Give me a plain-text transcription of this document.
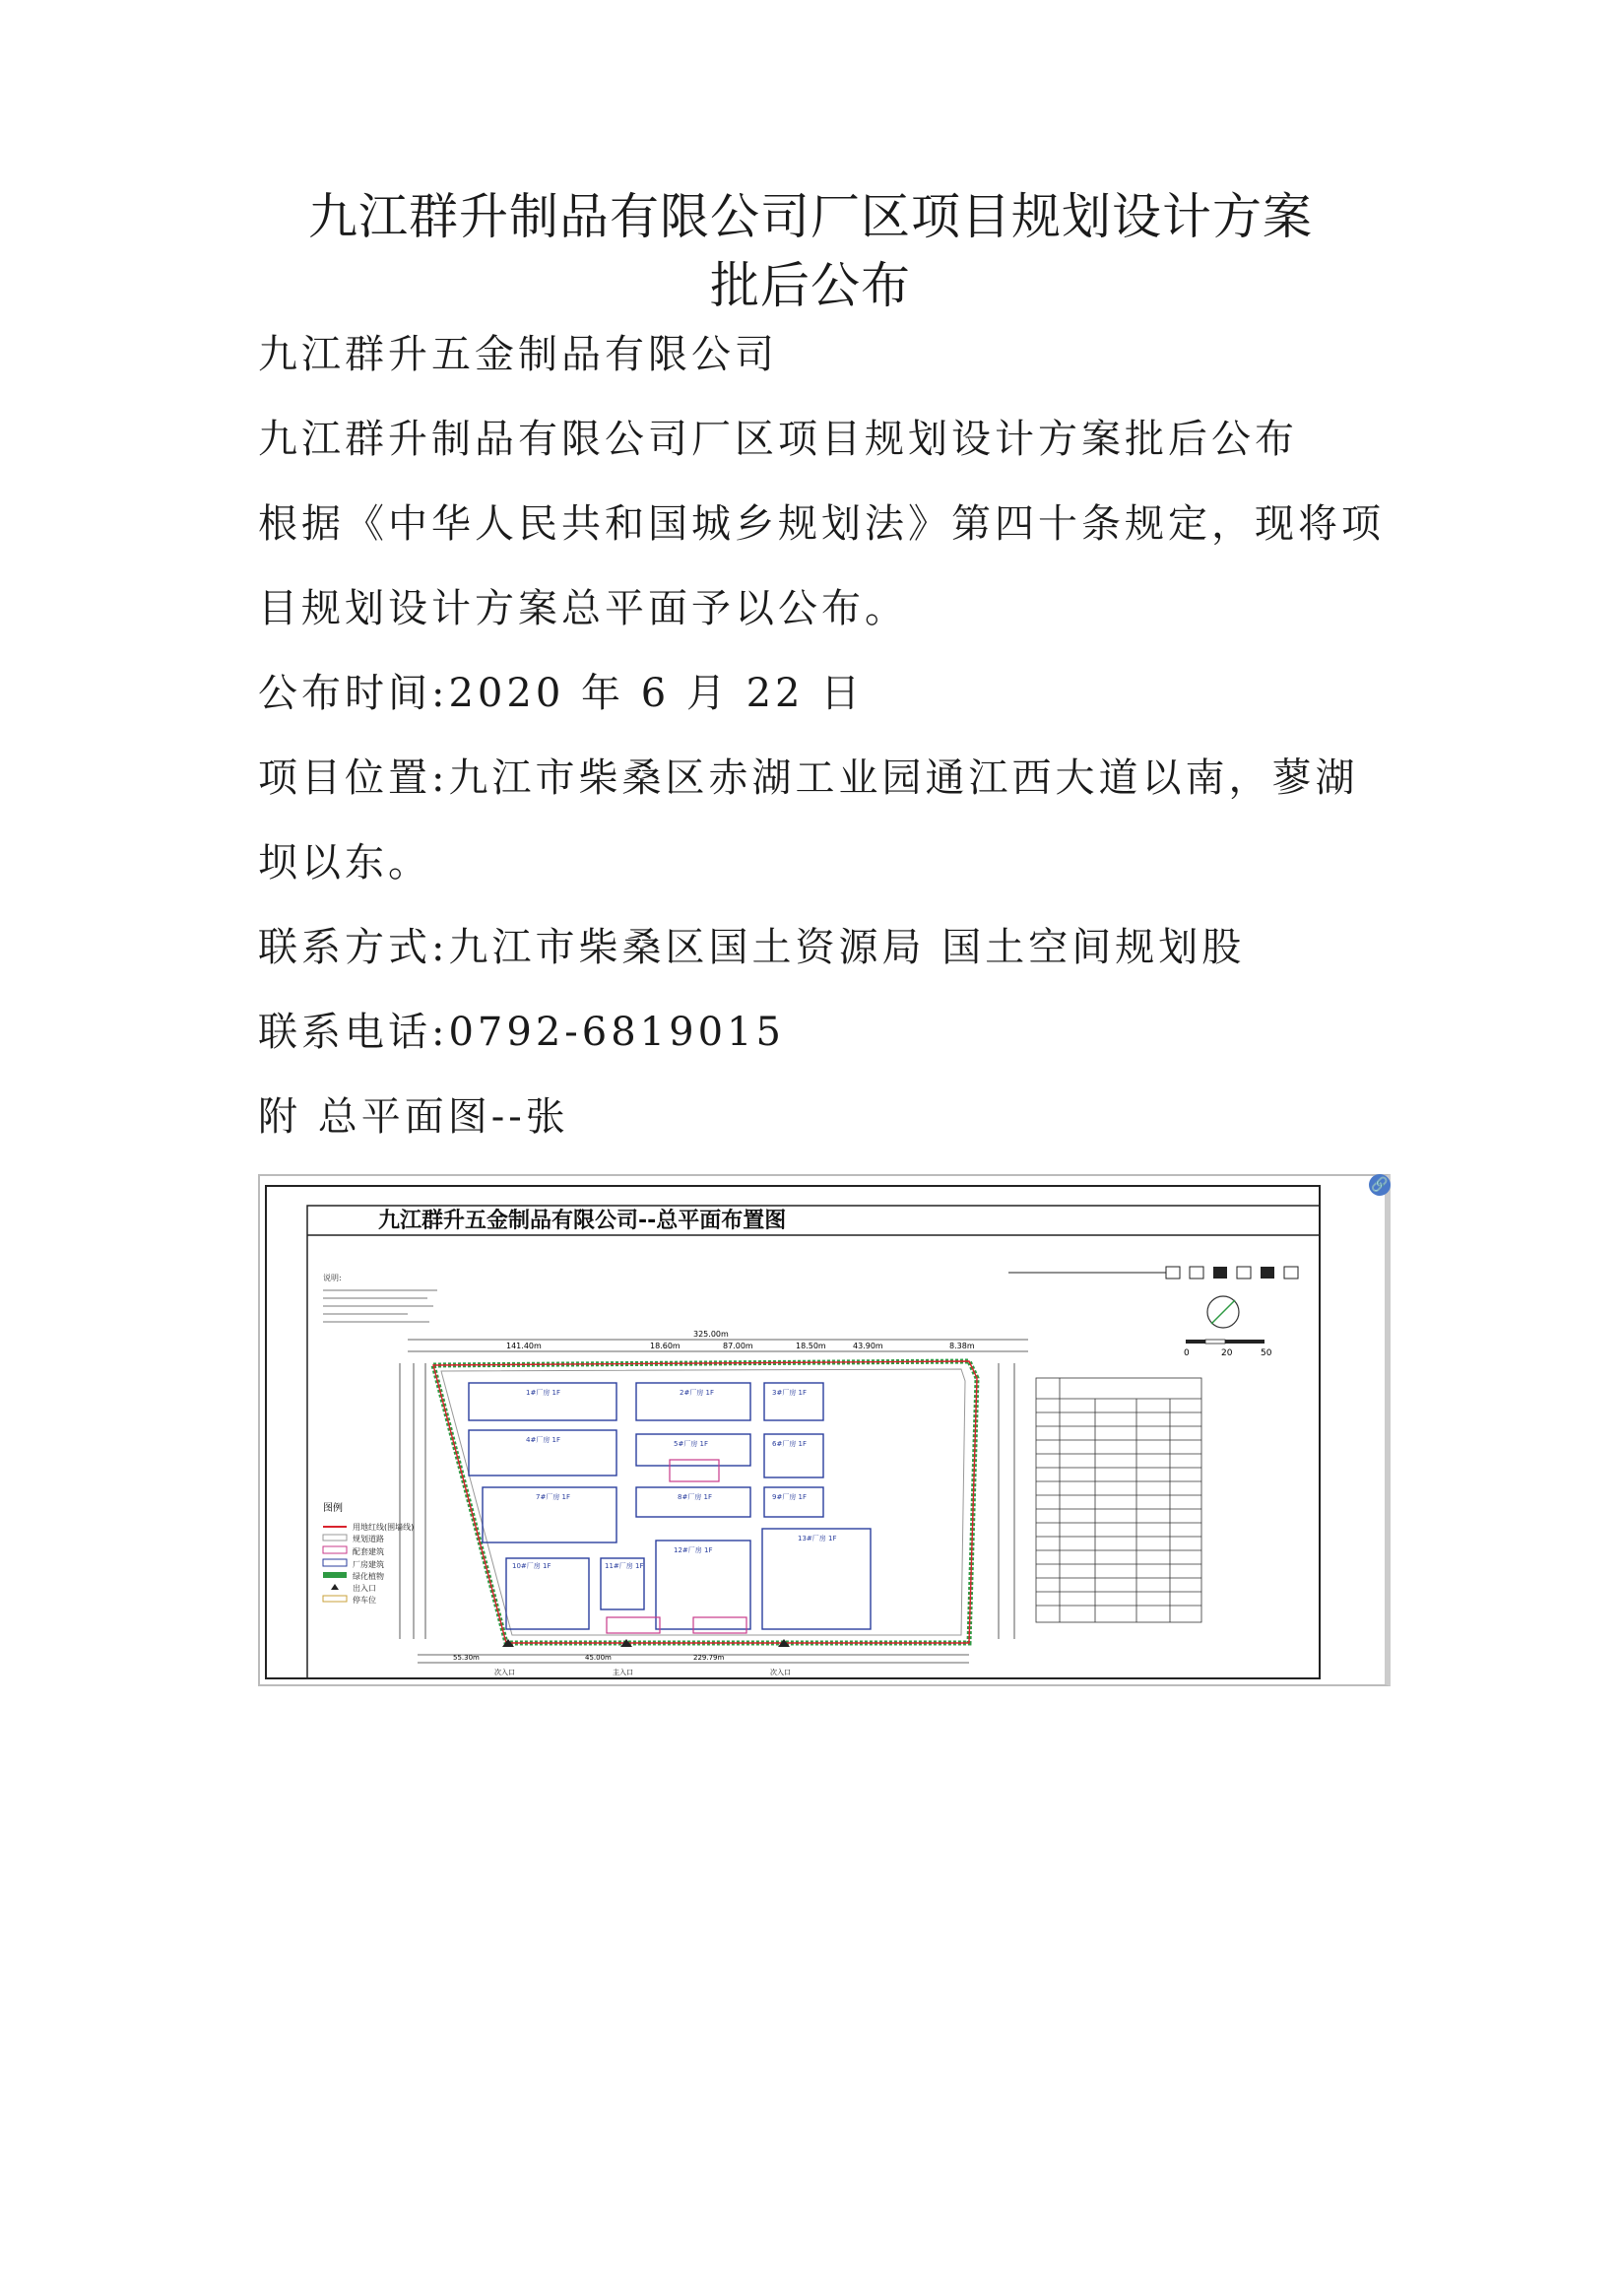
九江群升制品有限公司厂区项目规划设计方案
批后公布
九江群升五金制品有限公司
九江群升制品有限公司厂区项目规划设计方案批后公布
根据《中华人民共和国城乡规划法》第四十条规定，现将项
目规划设计方案总平面予以公布。
公布时间:2020 年 6 月 22 日
项目位置:九江市柴桑区赤湖工业园通江西大道以南，蓼湖
坝以东。
联系方式:九江市柴桑区国土资源局 国土空间规划股
联系电话:0792-6819015
附 总平面图--张
九江群升五金制品有限公司--总平面布置图
0	20	50
说明:
325.00m
141.40m	18.60m	87.00m	18.50m	43.90m	8.38m
1#厂房 1F	2#厂房 1F	3#厂房 1F
4#厂房 1F	5#厂房 1F	6#厂房 1F
7#厂房 1F	8#厂房 1F	9#厂房 1F
10#厂房 1F	11#厂房 1F
12#厂房 1F
13#厂房 1F
55.30m	45.00m	229.79m
次入口	主入口	次入口
图例
用地红线(围墙线)
规划道路
配套建筑
厂房建筑
绿化植物
出入口
停车位
🔗
